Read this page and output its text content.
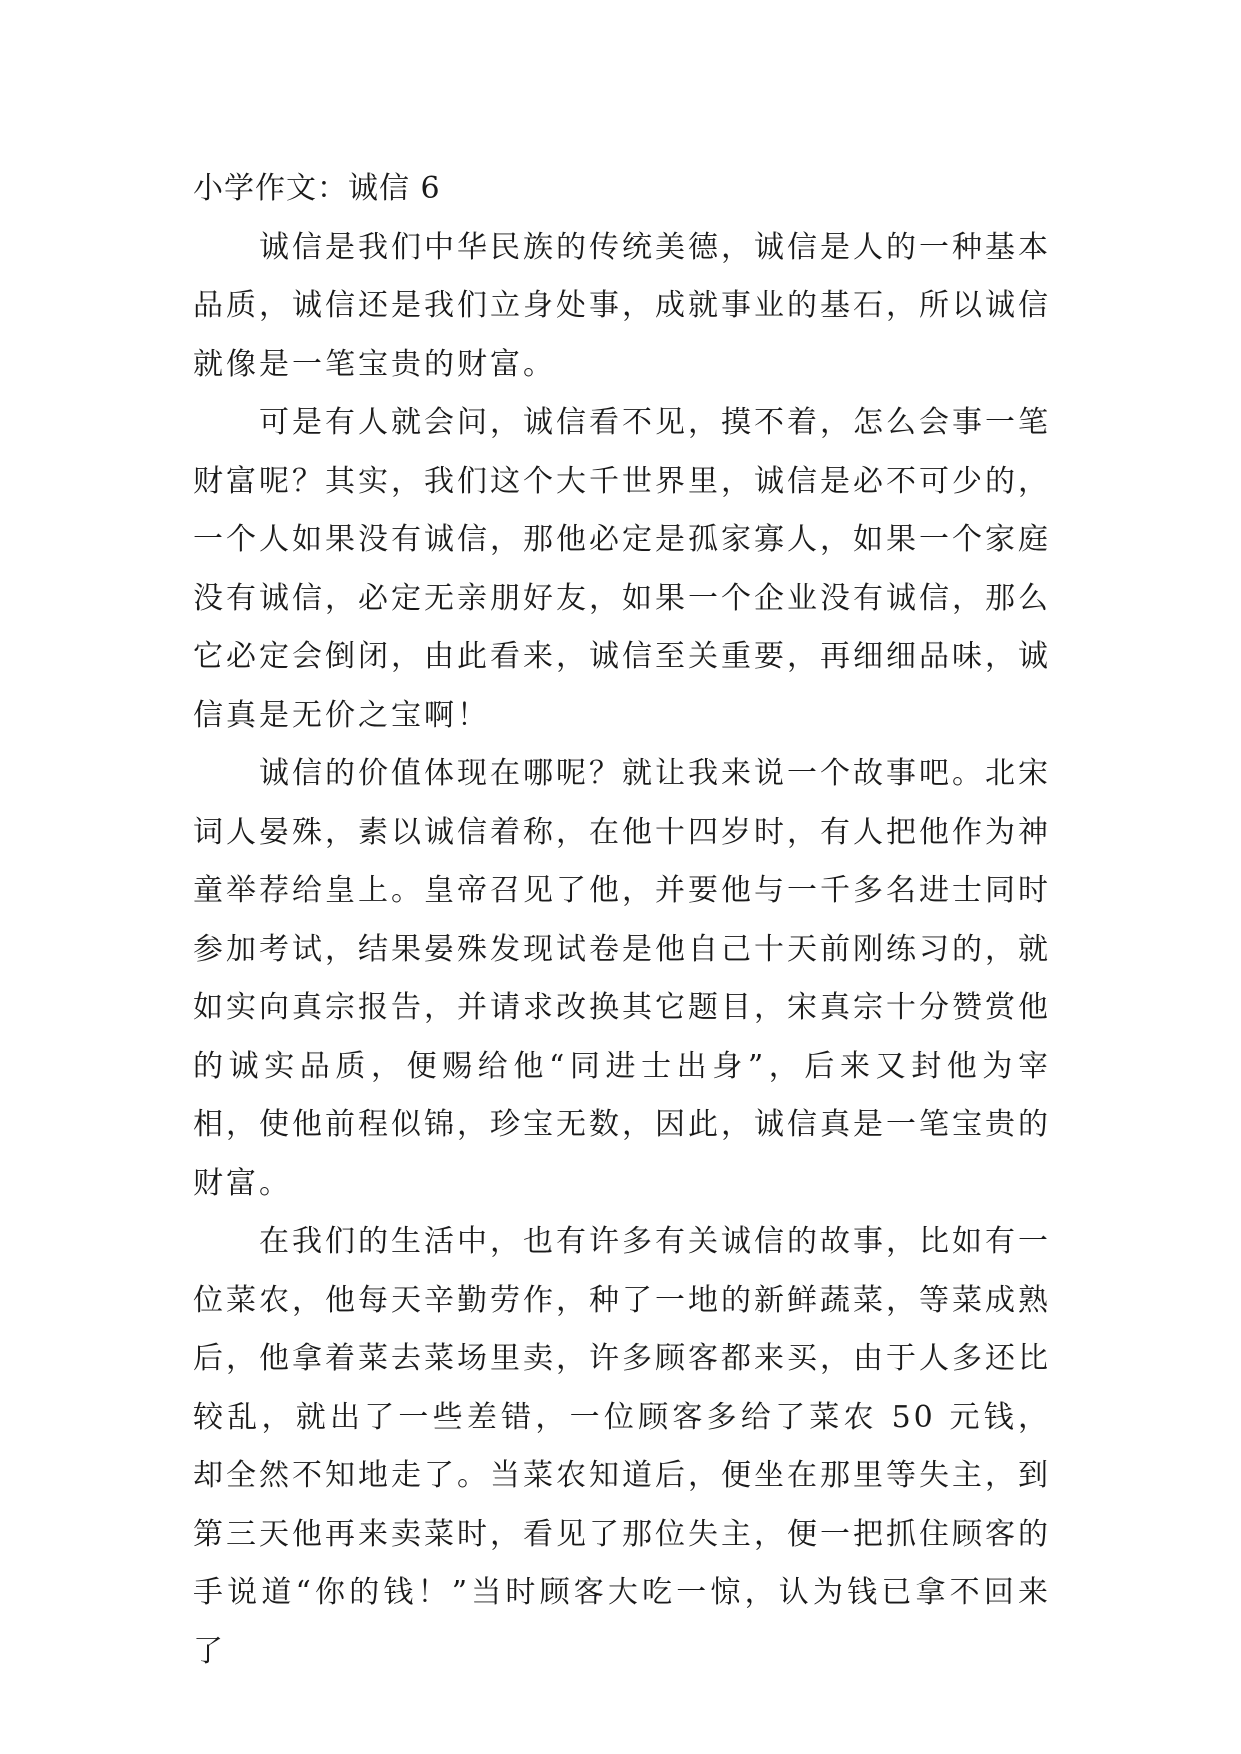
小学作文：诚信 6

诚信是我们中华民族的传统美德，诚信是人的一种基本品质，诚信还是我们立身处事，成就事业的基石，所以诚信就像是一笔宝贵的财富。

可是有人就会问，诚信看不见，摸不着，怎么会事一笔财富呢？其实，我们这个大千世界里，诚信是必不可少的，一个人如果没有诚信，那他必定是孤家寡人，如果一个家庭没有诚信，必定无亲朋好友，如果一个企业没有诚信，那么它必定会倒闭，由此看来，诚信至关重要，再细细品味，诚信真是无价之宝啊！

诚信的价值体现在哪呢？就让我来说一个故事吧。北宋词人晏殊，素以诚信着称，在他十四岁时，有人把他作为神童举荐给皇上。皇帝召见了他，并要他与一千多名进士同时参加考试，结果晏殊发现试卷是他自己十天前刚练习的，就如实向真宗报告，并请求改换其它题目，宋真宗十分赞赏他的诚实品质，便赐给他“同进士出身”，后来又封他为宰相，使他前程似锦，珍宝无数，因此，诚信真是一笔宝贵的财富。

在我们的生活中，也有许多有关诚信的故事，比如有一位菜农，他每天辛勤劳作，种了一地的新鲜蔬菜，等菜成熟后，他拿着菜去菜场里卖，许多顾客都来买，由于人多还比较乱，就出了一些差错，一位顾客多给了菜农 50 元钱，却全然不知地走了。当菜农知道后，便坐在那里等失主，到第三天他再来卖菜时，看见了那位失主，便一把抓住顾客的手说道“你的钱！”当时顾客大吃一惊，认为钱已拿不回来了
